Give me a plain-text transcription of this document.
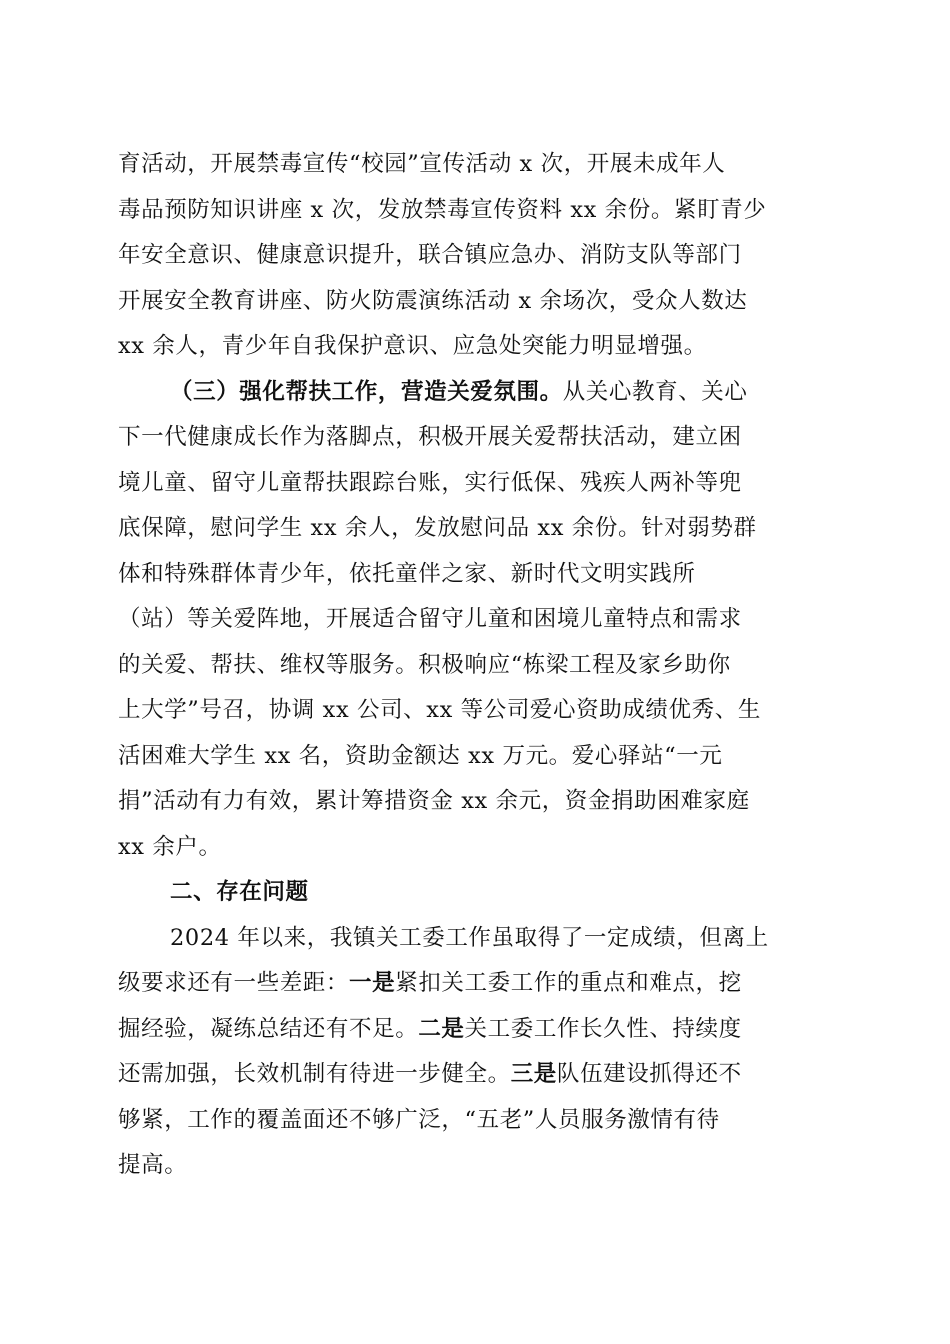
育活动，开展禁毒宣传“校园”宣传活动 x 次，开展未成年人
毒品预防知识讲座 x 次，发放禁毒宣传资料 xx 余份。紧盯青少
年安全意识、健康意识提升，联合镇应急办、消防支队等部门
开展安全教育讲座、防火防震演练活动 x 余场次，受众人数达
xx 余人，青少年自我保护意识、应急处突能力明显增强。
（三）强化帮扶工作，营造关爱氛围。从关心教育、关心
下一代健康成长作为落脚点，积极开展关爱帮扶活动，建立困
境儿童、留守儿童帮扶跟踪台账，实行低保、残疾人两补等兜
底保障，慰问学生 xx 余人，发放慰问品 xx 余份。针对弱势群
体和特殊群体青少年，依托童伴之家、新时代文明实践所
（站）等关爱阵地，开展适合留守儿童和困境儿童特点和需求
的关爱、帮扶、维权等服务。积极响应“栋梁工程及家乡助你
上大学”号召，协调 xx 公司、xx 等公司爱心资助成绩优秀、生
活困难大学生 xx 名，资助金额达 xx 万元。爱心驿站“一元
捐”活动有力有效，累计筹措资金 xx 余元，资金捐助困难家庭
xx 余户。
二、存在问题
2024 年以来，我镇关工委工作虽取得了一定成绩，但离上
级要求还有一些差距：一是紧扣关工委工作的重点和难点，挖
掘经验，凝练总结还有不足。二是关工委工作长久性、持续度
还需加强，长效机制有待进一步健全。三是队伍建设抓得还不
够紧，工作的覆盖面还不够广泛，“五老”人员服务激情有待
提高。
